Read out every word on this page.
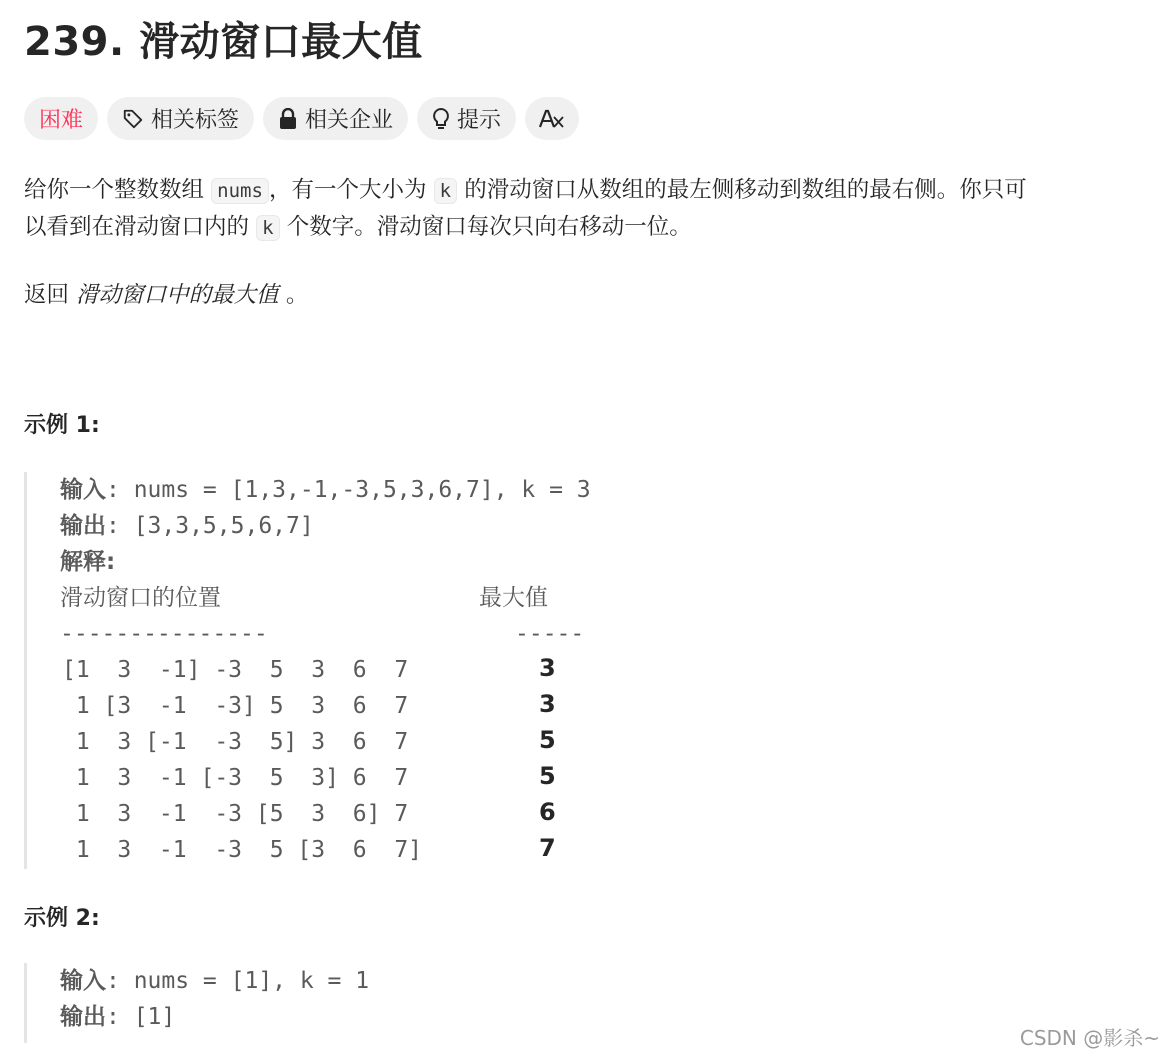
239. 滑动窗口最大值
困难	相关标签	相关企业	提示
给你一个整数数组 nums ，有一个大小为 k 的滑动窗口从数组的最左侧移动到数组的最右侧。你只可
以看到在滑动窗口内的 k 个数字。滑动窗口每次只向右移动一位。
返回 滑动窗口中的最大值 。
示例 1:
输入: nums = [1,3,-1,-3,5,3,6,7], k = 3
输出: [3,3,5,5,6,7]
解释:
滑动窗口的位置	最大值
---------------	-----
[1  3  -1] -3  5  3  6  7	3
1 [3  -1  -3] 5  3  6  7	3
1  3 [-1  -3  5] 3  6  7	5
1  3  -1 [-3  5  3] 6  7	5
1  3  -1  -3 [5  3  6] 7	6
1  3  -1  -3  5 [3  6  7]	7
示例 2:
输入: nums = [1], k = 1
输出: [1]
CSDN @影杀~
